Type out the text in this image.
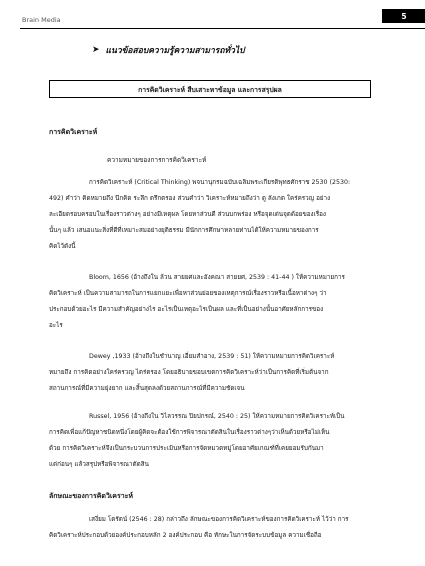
Brain Media	5
➤ แนวข้อสอบความรู้ความสามารถทั่วไป
การคิดวิเคราะห์ สืบเสาะหาข้อมูล และการสรุปผล
การคิดวิเคราะห์
ความหมายของการการคิดวิเคราะห์

การคิดวิเคราะห์ (Critical Thinking) พจนานุกรมฉบับเฉลิมพระเกียรติพุทธศักราช 2530 (2530:
492) คำว่า คิดหมายถึง นึกคิด ระลึก ตรึกตรอง ส่วนคำว่า วิเคราะห์หมายถึงว่า ดู ลังเกต ใคร่ครวญ อย่าง
ละเอียดรอบครอบในเรื่องราวต่างๆ อย่างมีเหตุผล โดยหาส่วนดี ส่วนบกพร่อง หรือจุดเด่นจุดด้อยของเรื่อง
นั้นๆ แล้ว เสนอแนะสิ่งที่ดีที่เหมาะสมอย่างยุติธรรม มีนักการศึกษาหลายท่านได้ให้ความหมายของการ
คิดไว้ดังนี้

Bloom, 1656 (อ้างถึงใน ล้วน สายยศและอังคณา สายยศ, 2539 : 41-44 ) ให้ความหมายการ
คิดวิเคราะห์ เป็นความสามารถในการแยกแยะเพื่อหาส่วนย่อยของเหตุการณ์เรื่องราวหรือเนื้อหาต่างๆ ว่า
ประกอบด้วยอะไร มีความสำคัญอย่างไร อะไรเป็นเหตุอะไรเป็นผล และที่เป็นอย่างนั้นอาศัยหลักการของ
อะไร

Dewey ,1933 (อ้างถึงในชำนาญ เอี่ยมสำอาง, 2539 : 51) ให้ความหมายการคิดวิเคราะห์
หมายถึง การคิดอย่างใคร่ครวญ ไตร่ตรอง โดยอธิบายขอบเขตการคิดวิเคราะห์ว่าเป็นการคิดที่เริ่มต้นจาก
สถานการณ์ที่มีความยุ่งยาก และสิ้นสุดลงด้วยสถานการณ์ที่มีความชัดเจน

Russel, 1956 (อ้างถึงใน วิไลวรรณ ปิยปกรณ์, 2540 : 25) ให้ความหมายการคิดวิเคราะห์เป็น
การคิดเพื่อแก้ปัญหาชนิดหนึ่งโดยผู้คิดจะต้องใช้การพิจารณาตัดสินในเรื่องราวต่างๆว่าเห็นด้วยหรือไม่เห็น
ด้วย การคิดวิเคราะห์จึงเป็นกระบวนการประเมินหรือการจัดหมวดหมู่โดยอาศัยเกณฑ์ที่เคยยอมรับกันมา
แต่ก่อนๆ แล้วสรุปหรือพิจารณาตัดสิน

ลักษณะของการคิดวิเคราะห์

เสงี่ยม โตรัตน์ (2546 : 28) กล่าวถึง ลักษณะของการคิดวิเคราะห์ของการคิดวิเคราะห์ ไว้ว่า การ
คิดวิเคราะห์ประกอบด้วยองค์ประกอบหลัก 2 องค์ประกอบ คือ ทักษะในการจัดระบบข้อมูล ความเชื่อถือ
